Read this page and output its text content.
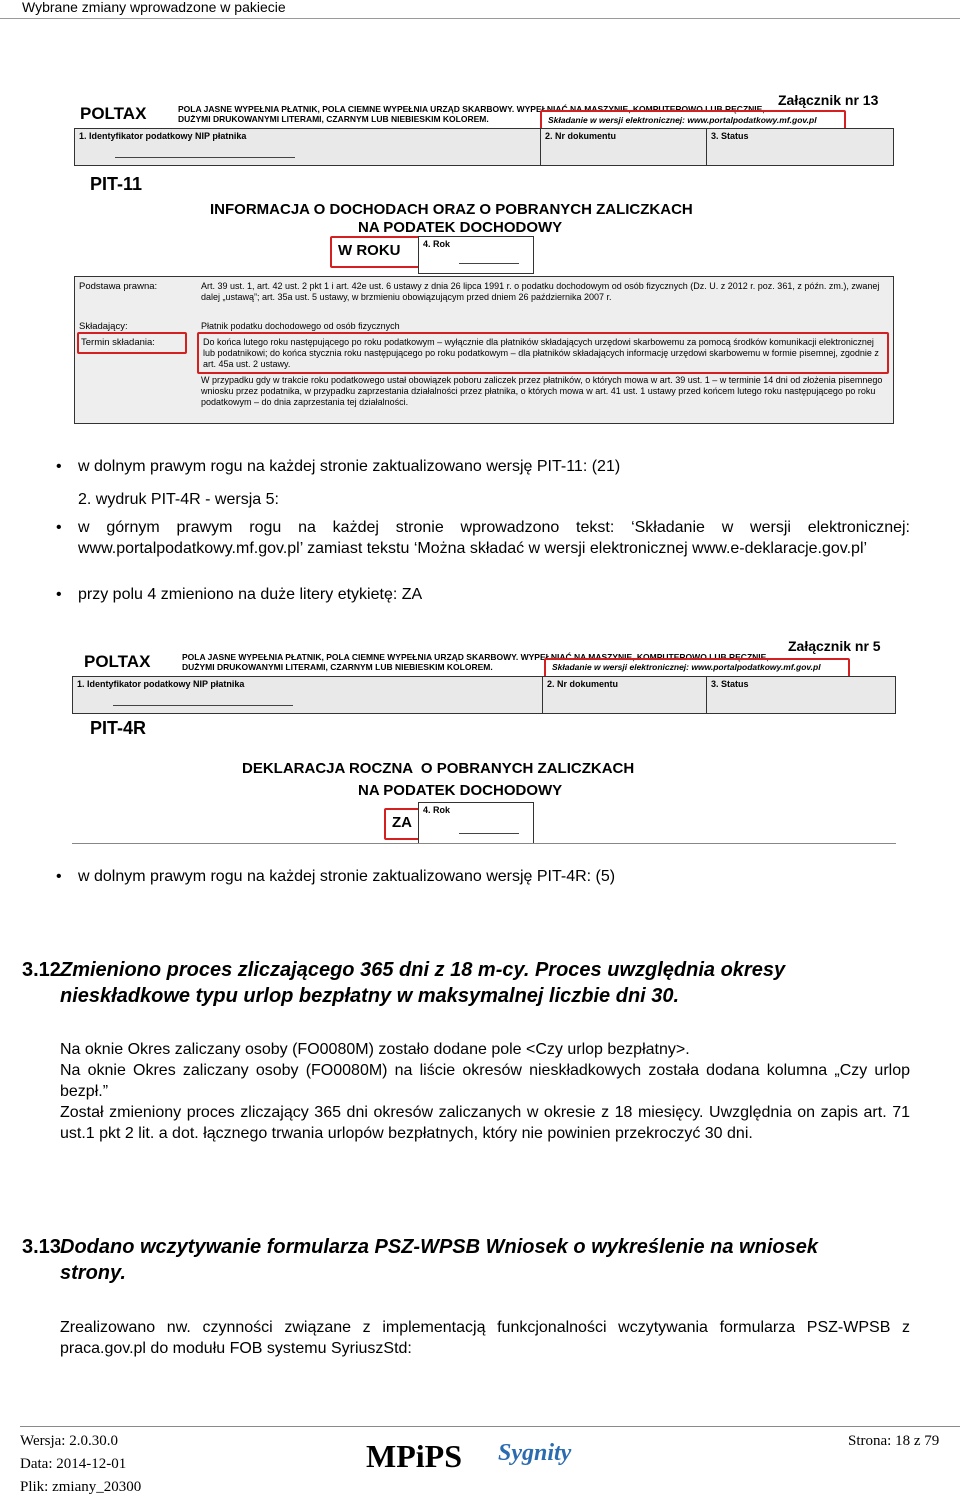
Wybrane zmiany wprowadzone w pakiecie
POLTAX	POLA JASNE WYPEŁNIA PŁATNIK, POLA CIEMNE WYPEŁNIA URZĄD SKARBOWY. WYPEŁNIAĆ NA MASZYNIE, KOMPUTEROWO LUB RĘCZNIE, DUŻYMI DRUKOWANYMI LITERAMI, CZARNYM LUB NIEBIESKIM KOLOREM.
Załącznik nr 13
Składanie w wersji elektronicznej: www.portalpodatkowy.mf.gov.pl
1. Identyfikator podatkowy NIP płatnika	2. Nr dokumentu	3. Status
PIT-11
INFORMACJA O DOCHODACH ORAZ O POBRANYCH ZALICZKACH
NA PODATEK DOCHODOWY
W ROKU	4. Rok
Podstawa prawna:	Art. 39 ust. 1, art. 42 ust. 2 pkt 1 i art. 42e ust. 6 ustawy z dnia 26 lipca 1991 r. o podatku dochodowym od osób fizycznych (Dz. U. z 2012 r. poz. 361, z późn. zm.), zwanej dalej „ustawą”; art. 35a ust. 5 ustawy, w brzmieniu obowiązującym przed dniem 26 października 2007 r.
Składający:	Płatnik podatku dochodowego od osób fizycznych
Termin składania:	Do końca lutego roku następującego po roku podatkowym – wyłącznie dla płatników składających urzędowi skarbowemu za pomocą środków komunikacji elektronicznej lub podatnikowi; do końca stycznia roku następującego po roku podatkowym – dla płatników składających informację urzędowi skarbowemu w formie pisemnej, zgodnie z art. 45a ust. 2 ustawy.
W przypadku gdy w trakcie roku podatkowego ustał obowiązek poboru zaliczek przez płatników, o których mowa w art. 39 ust. 1 – w terminie 14 dni od złożenia pisemnego wniosku przez podatnika, w przypadku zaprzestania działalności przez płatnika, o których mowa w art. 41 ust. 1 ustawy przed końcem lutego roku następującego po roku podatkowym – do dnia zaprzestania tej działalności.
w dolnym prawym rogu na każdej stronie zaktualizowano wersję PIT-11: (21)
2. wydruk PIT-4R - wersja 5:
w górnym prawym rogu na każdej stronie wprowadzono tekst: ‘Składanie w wersji elektronicznej: www.portalpodatkowy.mf.gov.pl’ zamiast tekstu ‘Można składać w wersji elektronicznej www.e-deklaracje.gov.pl’
przy polu 4 zmieniono na duże litery etykietę: ZA
POLTAX	POLA JASNE WYPEŁNIA PŁATNIK, POLA CIEMNE WYPEŁNIA URZĄD SKARBOWY. WYPEŁNIAĆ NA MASZYNIE, KOMPUTEROWO LUB RĘCZNIE, DUŻYMI DRUKOWANYMI LITERAMI, CZARNYM LUB NIEBIESKIM KOLOREM.
Załącznik nr 5
Składanie w wersji elektronicznej: www.portalpodatkowy.mf.gov.pl
1. Identyfikator podatkowy NIP płatnika	2. Nr dokumentu	3. Status
PIT-4R
DEKLARACJA ROCZNA  O POBRANYCH ZALICZKACH
NA PODATEK DOCHODOWY
ZA
4. Rok
w dolnym prawym rogu na każdej stronie zaktualizowano wersję PIT-4R: (5)
3.12 Zmieniono proces zliczającego 365 dni z 18 m-cy. Proces uwzględnia okresy nieskładkowe typu urlop bezpłatny w maksymalnej liczbie dni 30.
Na oknie Okres zaliczany osoby (FO0080M) zostało dodane pole <Czy urlop bezpłatny>.
Na oknie Okres zaliczany osoby (FO0080M) na liście okresów nieskładkowych została dodana kolumna „Czy urlop bezpł.”
Został zmieniony proces zliczający 365 dni okresów zaliczanych w okresie z 18 miesięcy. Uwzględnia on zapis art. 71 ust.1 pkt 2 lit. a dot. łącznego trwania urlopów bezpłatnych, który nie powinien przekroczyć 30 dni.
3.13 Dodano wczytywanie formularza PSZ-WPSB Wniosek o wykreślenie na wniosek strony.
Zrealizowano nw. czynności związane z implementacją funkcjonalności wczytywania formularza PSZ-WPSB z praca.gov.pl do modułu FOB systemu SyriuszStd:
Wersja: 2.0.30.0
Data: 2014-12-01
Plik: zmiany_20300
MPiPS Sygnity	Strona: 18 z 79
